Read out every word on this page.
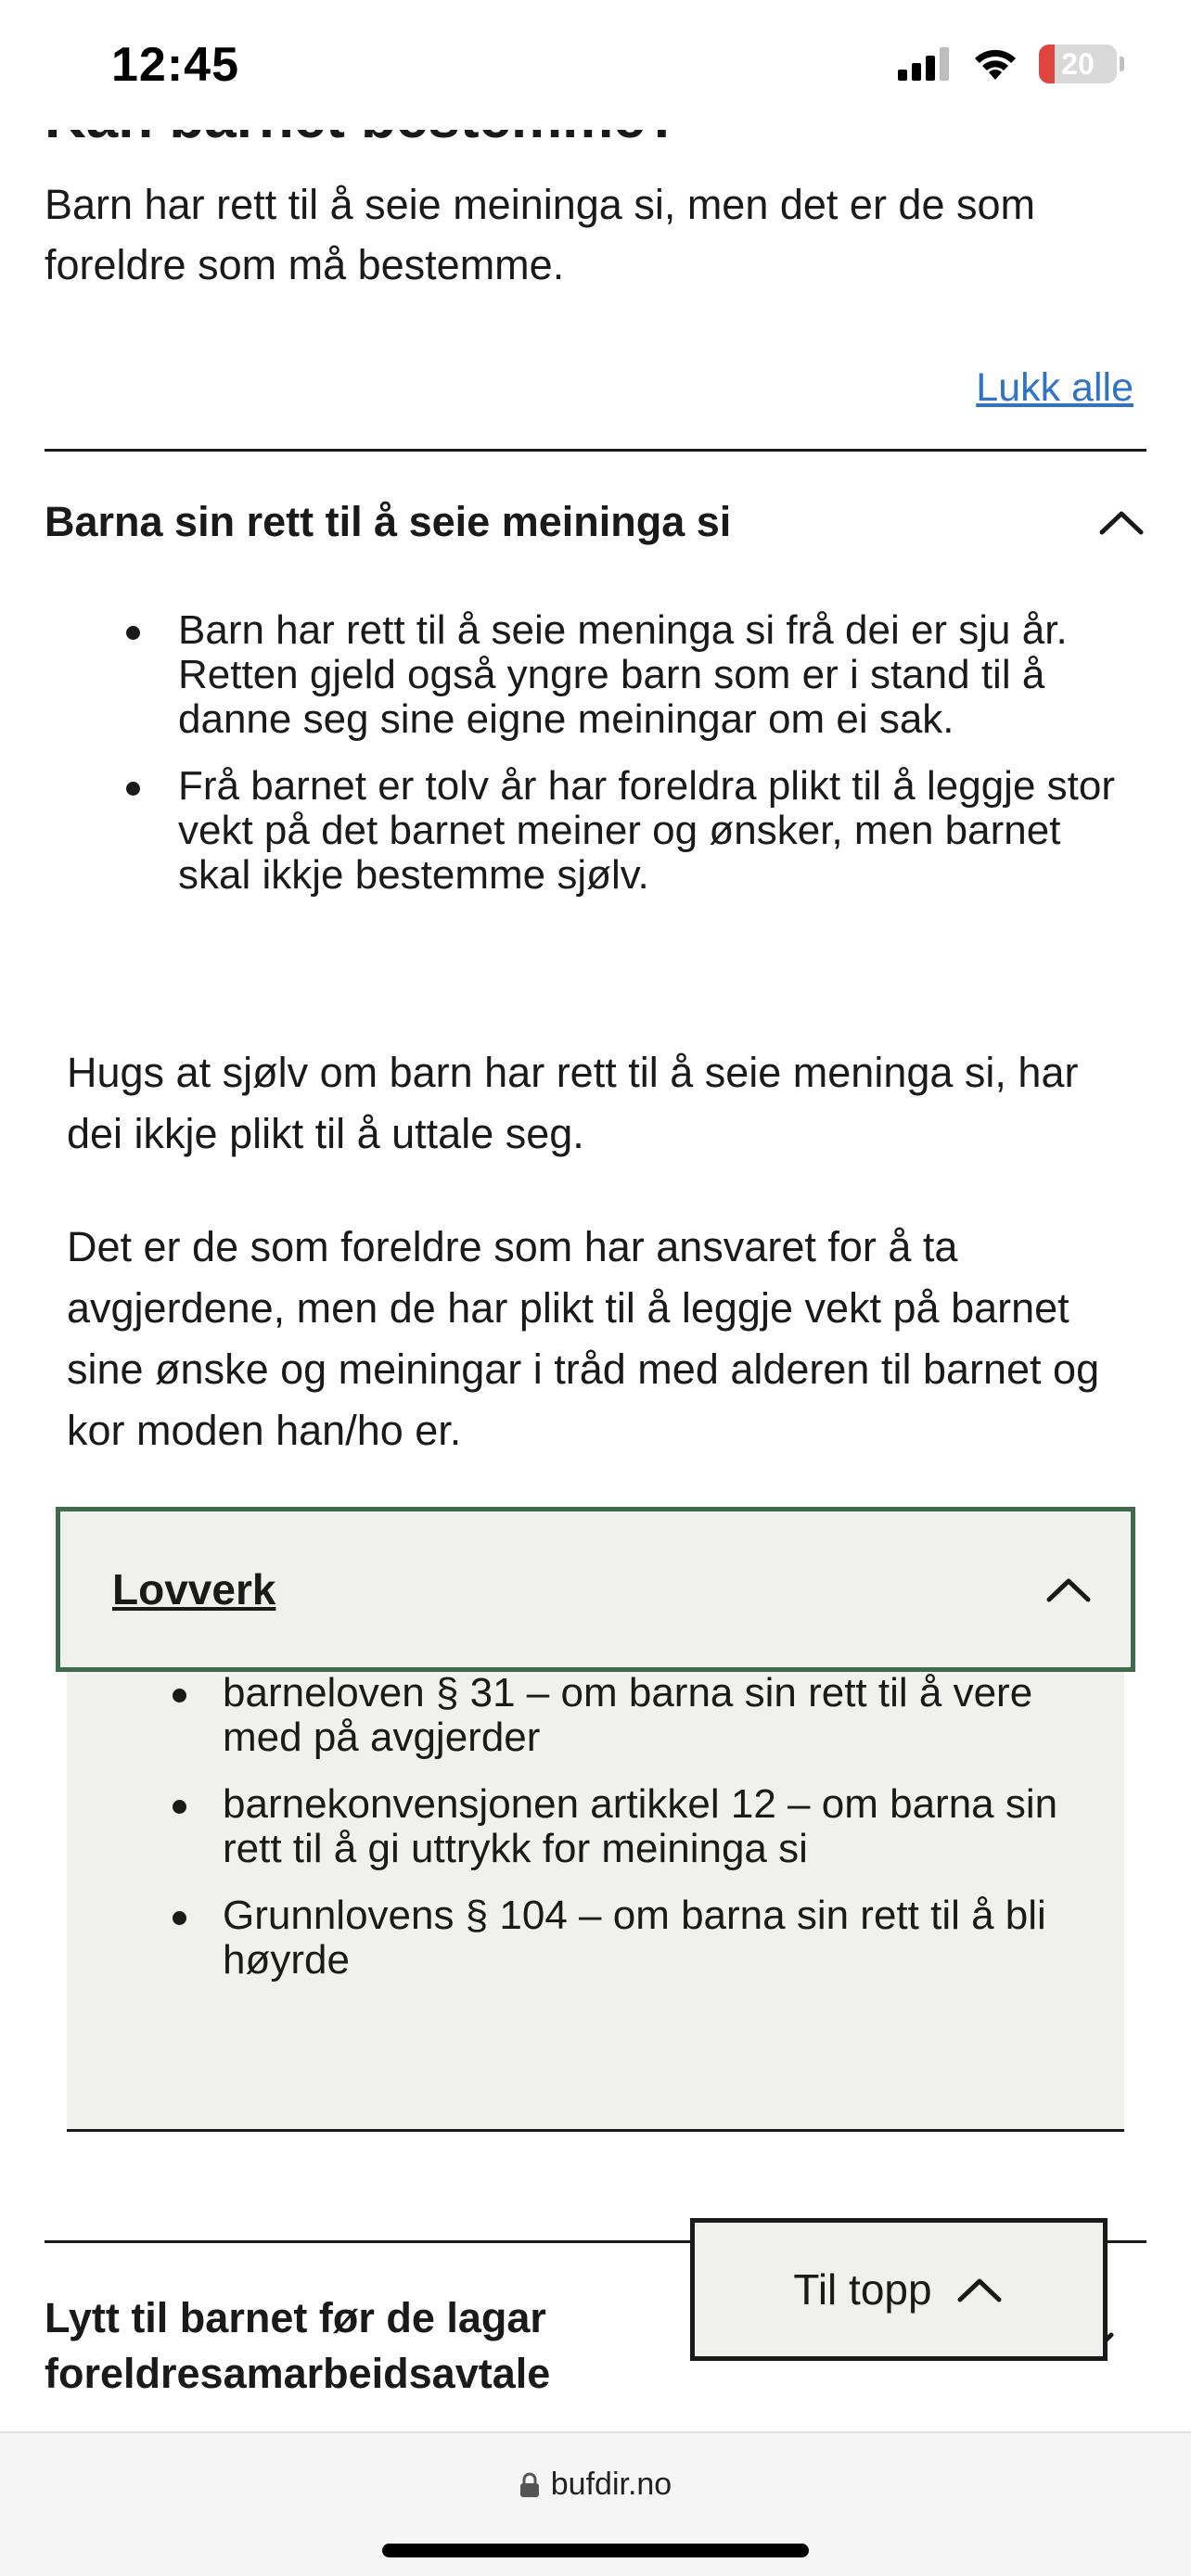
Barn har rett til å seie meininga si, men det er de som foreldre som må bestemme.

Lukk alle
Barna sin rett til å seie meininga si
Barn har rett til å seie meninga si frå dei er sju år. Retten gjeld også yngre barn som er i stand til å danne seg sine eigne meiningar om ei sak.
Frå barnet er tolv år har foreldra plikt til å leggje stor vekt på det barnet meiner og ønsker, men barnet skal ikkje bestemme sjølv.

Hugs at sjølv om barn har rett til å seie meninga si, har dei ikkje plikt til å uttale seg.

Det er de som foreldre som har ansvaret for å ta avgjerdene, men de har plikt til å leggje vekt på barnet sine ønske og meiningar i tråd med alderen til barnet og kor moden han/ho er.

Lovverk
barneloven § 31 – om barna sin rett til å vere med på avgjerder
barnekonvensjonen artikkel 12 – om barna sin rett til å gi uttrykk for meininga si
Grunnlovens § 104 – om barna sin rett til å bli høyrde
Lytt til barnet før de lagar foreldresamarbeidsavtale
Til topp
12:45	20
bufdir.no
